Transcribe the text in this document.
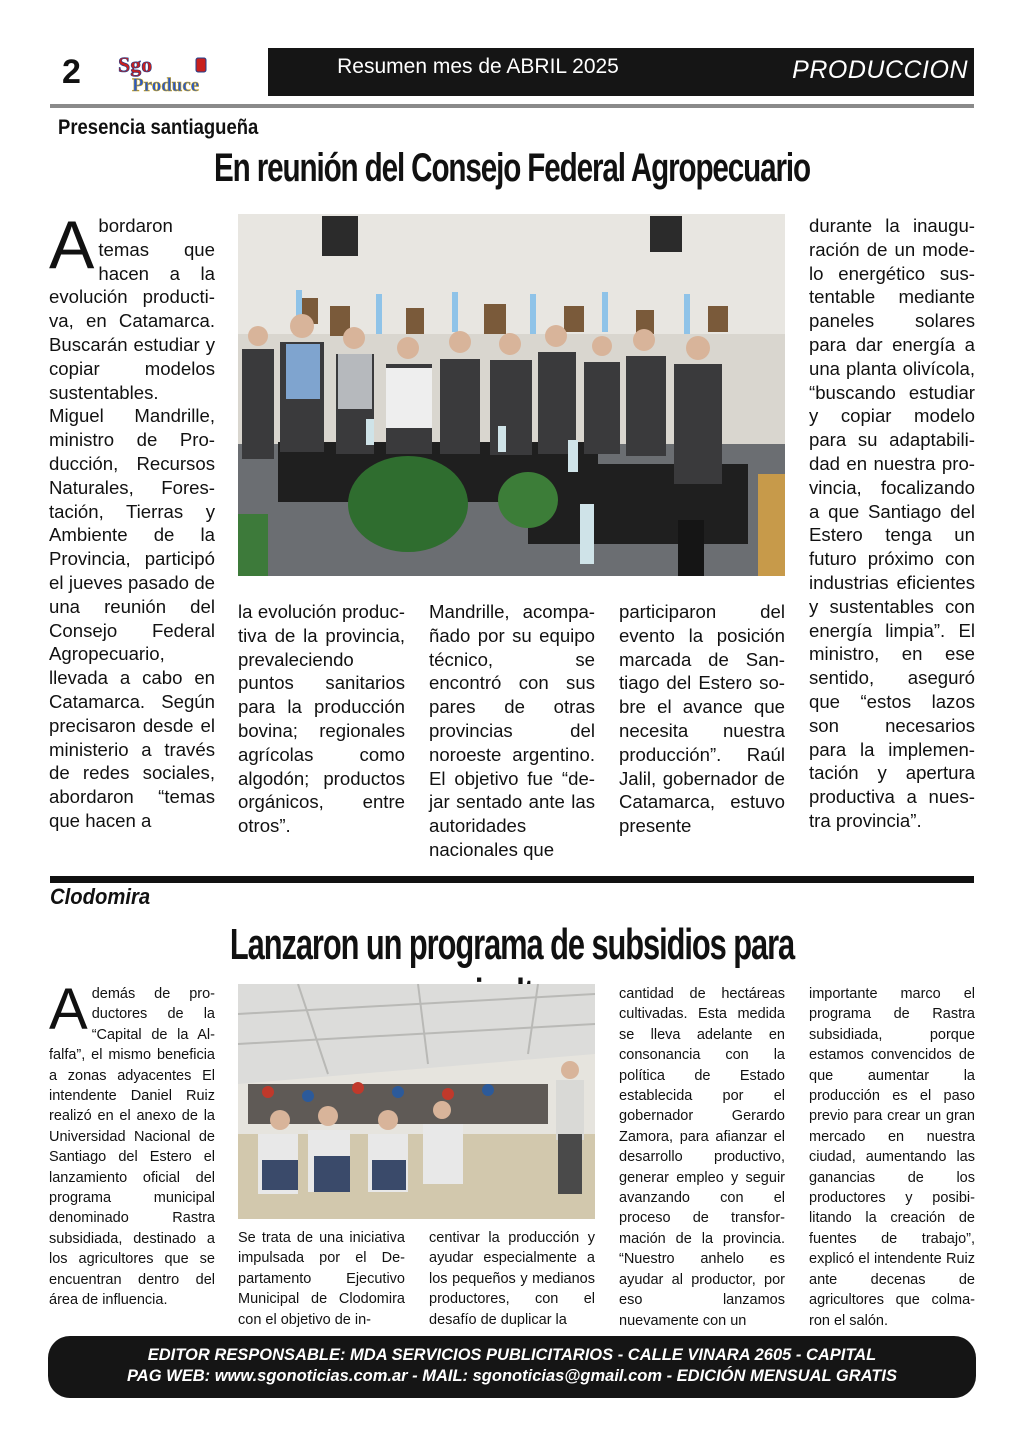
2	Sgo
Produce
Resumen mes de ABRIL 2025	PRODUCCION
Presencia santiagueña
En reunión del Consejo Federal Agropecuario
Abordaron temas que hacen a la evolución productiva, en Catamarca. Buscarán estudiar y copiar modelos sustentables. Miguel Mandrille, ministro de Producción, Recursos Naturales, Forestación, Tierras y Ambiente de la Provincia, participó el jueves pasado de una reunión del Consejo Federal Agropecuario, llevada a cabo en Catamarca. Según precisaron desde el ministerio a través de redes sociales, abordaron “temas que hacen a
la evolución productiva de la provincia, prevaleciendo puntos sanitarios para la producción bovina; regionales agrícolas como algodón; productos orgánicos, entre otros”.
Mandrille, acompañado por su equipo técnico, se encontró con sus pares de otras provincias del noroeste argentino. El objetivo fue “dejar sentado ante las autoridades nacionales que
participaron del evento la posición marcada de Santiago del Estero sobre el avance que necesita nuestra producción”. Raúl Jalil, gobernador de Catamarca, estuvo presente
durante la inauguración de un modelo energético sustentable mediante paneles solares para dar energía a una planta olivícola, “buscando estudiar y copiar modelo para su adaptabilidad en nuestra provincia, focalizando a que Santiago del Estero tenga un futuro próximo con industrias eficientes y sustentables con energía limpia”. El ministro, en ese sentido, aseguró que “estos lazos son necesarios para la implementación y apertura productiva a nuestra provincia”.
Clodomira
Lanzaron un programa de subsidios para
Además de productores de la “Capital de la Alfalfa”, el mismo beneficia a zonas adyacentes El intendente Daniel Ruiz realizó en el anexo de la Universidad Nacional de Santiago del Estero el lanzamiento oficial del programa municipal denominado Rastra subsidiada, destinado a los agricultores que se encuentran dentro del área de influencia.
Se trata de una iniciativa impulsada por el Departamento Ejecutivo Municipal de Clodomira con el objetivo de in-
centivar la producción y ayudar especialmente a los pequeños y medianos productores, con el desafío de duplicar la
cantidad de hectáreas cultivadas. Esta medida se lleva adelante en consonancia con la política de Estado establecida por el gobernador Gerardo Zamora, para afianzar el desarrollo productivo, generar empleo y seguir avanzando con el proceso de transformación de la provincia. “Nuestro anhelo es ayudar al productor, por eso lanzamos nuevamente con un
importante marco el programa de Rastra subsidiada, porque estamos convencidos de que aumentar la producción es el paso previo para crear un gran mercado en nuestra ciudad, aumentando las ganancias de los productores y posibilitando la creación de fuentes de trabajo”, explicó el intendente Ruiz ante decenas de agricultores que colmaron el salón.
EDITOR RESPONSABLE: MDA SERVICIOS PUBLICITARIOS - CALLE VINARA 2605 - CAPITAL
PAG WEB: www.sgonoticias.com.ar - MAIL: sgonoticias@gmail.com - EDICIÓN MENSUAL GRATIS
